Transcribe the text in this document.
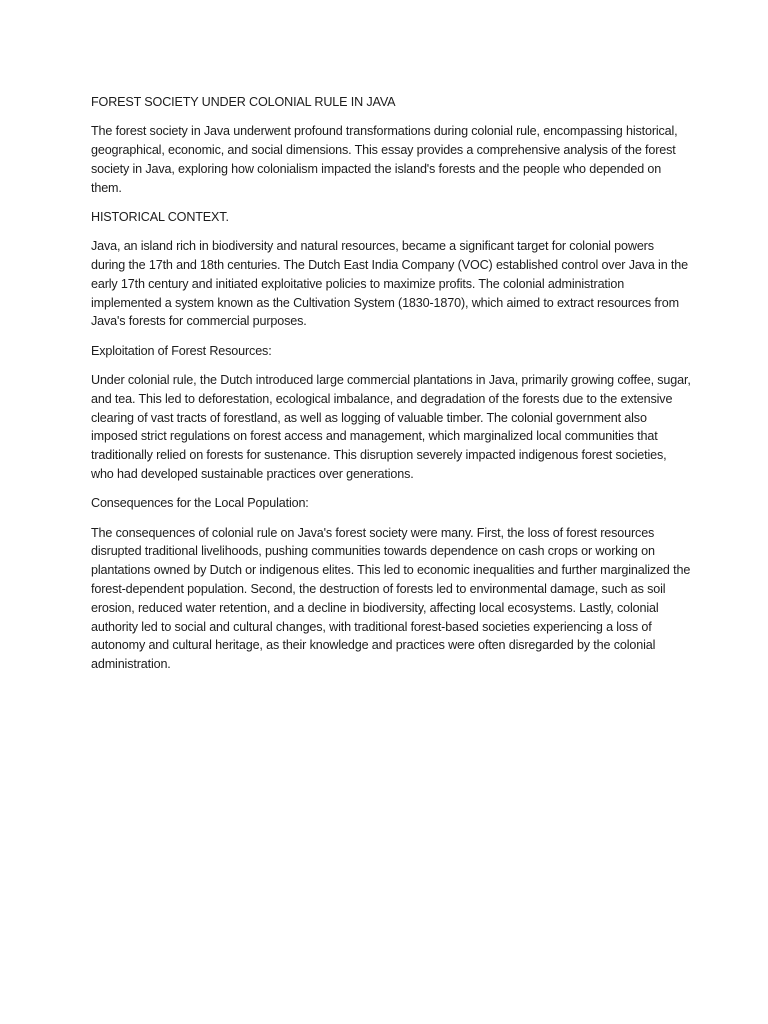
FOREST SOCIETY UNDER COLONIAL RULE IN JAVA

The forest society in Java underwent profound transformations during colonial rule, encompassing historical, geographical, economic, and social dimensions. This essay provides a comprehensive analysis of the forest society in Java, exploring how colonialism impacted the island's forests and the people who depended on them.

HISTORICAL CONTEXT.

Java, an island rich in biodiversity and natural resources, became a significant target for colonial powers during the 17th and 18th centuries. The Dutch East India Company (VOC) established control over Java in the early 17th century and initiated exploitative policies to maximize profits. The colonial administration implemented a system known as the Cultivation System (1830-1870), which aimed to extract resources from Java's forests for commercial purposes.

Exploitation of Forest Resources:

Under colonial rule, the Dutch introduced large commercial plantations in Java, primarily growing coffee, sugar, and tea. This led to deforestation, ecological imbalance, and degradation of the forests due to the extensive clearing of vast tracts of forestland, as well as logging of valuable timber. The colonial government also imposed strict regulations on forest access and management, which marginalized local communities that traditionally relied on forests for sustenance. This disruption severely impacted indigenous forest societies, who had developed sustainable practices over generations.

Consequences for the Local Population:

The consequences of colonial rule on Java's forest society were many. First, the loss of forest resources disrupted traditional livelihoods, pushing communities towards dependence on cash crops or working on plantations owned by Dutch or indigenous elites. This led to economic inequalities and further marginalized the forest-dependent population. Second, the destruction of forests led to environmental damage, such as soil erosion, reduced water retention, and a decline in biodiversity, affecting local ecosystems. Lastly, colonial authority led to social and cultural changes, with traditional forest-based societies experiencing a loss of autonomy and cultural heritage, as their knowledge and practices were often disregarded by the colonial administration.
